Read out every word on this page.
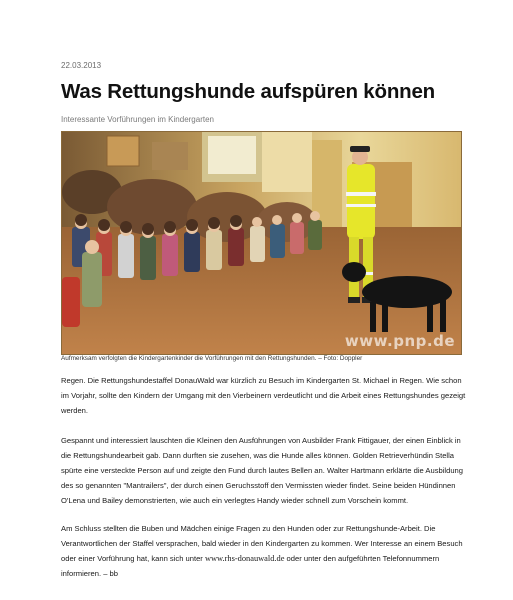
22.03.2013
Was Rettungshunde aufspüren können
Interessante Vorführungen im Kindergarten
www.pnp.de
Aufmerksam verfolgten die Kindergartenkinder die Vorführungen mit den Rettungshunden. – Foto: Doppler

Regen. Die Rettungshundestaffel DonauWald war kürzlich zu Besuch im Kindergarten St. Michael in Regen. Wie schon im Vorjahr, sollte den Kindern der Umgang mit den Vierbeinern verdeutlicht und die Arbeit eines Rettungshundes gezeigt werden.

Gespannt und interessiert lauschten die Kleinen den Ausführungen von Ausbilder Frank Fittigauer, der einen Einblick in die Rettungshundearbeit gab. Dann durften sie zusehen, was die Hunde alles können. Golden Retrieverhündin Stella spürte eine versteckte Person auf und zeigte den Fund durch lautes Bellen an. Walter Hartmann erklärte die Ausbildung des so genannten "Mantrailers", der durch einen Geruchsstoff den Vermissten wieder findet. Seine beiden Hündinnen O'Lena und Bailey demonstrierten, wie auch ein verlegtes Handy wieder schnell zum Vorschein kommt.

Am Schluss stellten die Buben und Mädchen einige Fragen zu den Hunden oder zur Rettungshunde-Arbeit. Die Verantwortlichen der Staffel versprachen, bald wieder in den Kindergarten zu kommen. Wer Interesse an einem Besuch oder einer Vorführung hat, kann sich unter www.rhs-donauwald.de oder unter den aufgeführten Telefonnummern informieren. – bb
